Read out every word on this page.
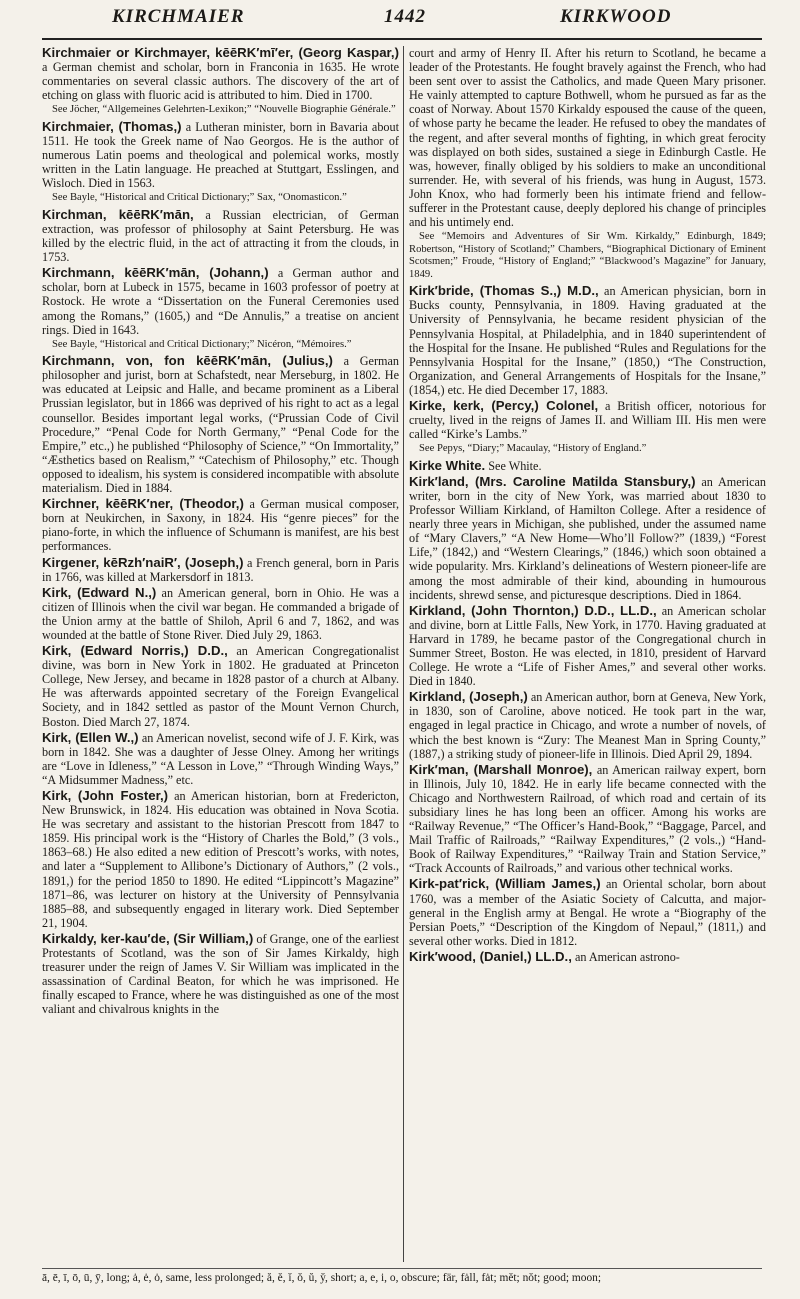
KIRCHMAIER	1442	KIRKWOOD

Kirchmaier or Kirchmayer, kēēRK′mī′er, (Georg Kaspar,) a German chemist and scholar, born in Franconia in 1635. He wrote commentaries on several classic authors. The discovery of the art of etching on glass with fluoric acid is attributed to him. Died in 1700.

See Jöcher, “Allgemeines Gelehrten-Lexikon;” “Nouvelle Biographie Générale.”

Kirchmaier, (Thomas,) a Lutheran minister, born in Bavaria about 1511. He took the Greek name of Nao Georgos. He is the author of numerous Latin poems and theological and polemical works, mostly written in the Latin language. He preached at Stuttgart, Esslingen, and Wisloch. Died in 1563.

See Bayle, “Historical and Critical Dictionary;” Sax, “Onomasticon.”

Kirchman, kēēRK′mān, a Russian electrician, of German extraction, was professor of philosophy at Saint Petersburg. He was killed by the electric fluid, in the act of attracting it from the clouds, in 1753.

Kirchmann, kēēRK′mān, (Johann,) a German author and scholar, born at Lubeck in 1575, became in 1603 professor of poetry at Rostock. He wrote a “Dissertation on the Funeral Ceremonies used among the Romans,” (1605,) and “De Annulis,” a treatise on ancient rings. Died in 1643.

See Bayle, “Historical and Critical Dictionary;” Nicéron, “Mémoires.”

Kirchmann, von, fon kēēRK′mān, (Julius,) a German philosopher and jurist, born at Schafstedt, near Merseburg, in 1802. He was educated at Leipsic and Halle, and became prominent as a Liberal Prussian legislator, but in 1866 was deprived of his right to act as a legal counsellor. Besides important legal works, (“Prussian Code of Civil Procedure,” “Penal Code for North Germany,” “Penal Code for the Empire,” etc.,) he published “Philosophy of Science,” “On Immortality,” “Æsthetics based on Realism,” “Catechism of Philosophy,” etc. Though opposed to idealism, his system is considered incompatible with absolute materialism. Died in 1884.

Kirchner, kēēRK′ner, (Theodor,) a German musical composer, born at Neukirchen, in Saxony, in 1824. His “genre pieces” for the piano-forte, in which the influence of Schumann is manifest, are his best performances.

Kirgener, kēRzh′naiR′, (Joseph,) a French general, born in Paris in 1766, was killed at Markersdorf in 1813.

Kirk, (Edward N.,) an American general, born in Ohio. He was a citizen of Illinois when the civil war began. He commanded a brigade of the Union army at the battle of Shiloh, April 6 and 7, 1862, and was wounded at the battle of Stone River. Died July 29, 1863.

Kirk, (Edward Norris,) D.D., an American Congregationalist divine, was born in New York in 1802. He graduated at Princeton College, New Jersey, and became in 1828 pastor of a church at Albany. He was afterwards appointed secretary of the Foreign Evangelical Society, and in 1842 settled as pastor of the Mount Vernon Church, Boston. Died March 27, 1874.

Kirk, (Ellen W.,) an American novelist, second wife of J. F. Kirk, was born in 1842. She was a daughter of Jesse Olney. Among her writings are “Love in Idleness,” “A Lesson in Love,” “Through Winding Ways,” “A Midsummer Madness,” etc.

Kirk, (John Foster,) an American historian, born at Fredericton, New Brunswick, in 1824. His education was obtained in Nova Scotia. He was secretary and assistant to the historian Prescott from 1847 to 1859. His principal work is the “History of Charles the Bold,” (3 vols., 1863–68.) He also edited a new edition of Prescott’s works, with notes, and later a “Supplement to Allibone’s Dictionary of Authors,” (2 vols., 1891,) for the period 1850 to 1890. He edited “Lippincott’s Magazine” 1871–86, was lecturer on history at the University of Pennsylvania 1885–88, and subsequently engaged in literary work. Died September 21, 1904.

Kirkaldy, ker-kau′de, (Sir William,) of Grange, one of the earliest Protestants of Scotland, was the son of Sir James Kirkaldy, high treasurer under the reign of James V. Sir William was implicated in the assassination of Cardinal Beaton, for which he was imprisoned. He finally escaped to France, where he was distinguished as one of the most valiant and chivalrous knights in the

court and army of Henry II. After his return to Scotland, he became a leader of the Protestants. He fought bravely against the French, who had been sent over to assist the Catholics, and made Queen Mary prisoner. He vainly attempted to capture Bothwell, whom he pursued as far as the coast of Norway. About 1570 Kirkaldy espoused the cause of the queen, of whose party he became the leader. He refused to obey the mandates of the regent, and after several months of fighting, in which great ferocity was displayed on both sides, sustained a siege in Edinburgh Castle. He was, however, finally obliged by his soldiers to make an unconditional surrender. He, with several of his friends, was hung in August, 1573. John Knox, who had formerly been his intimate friend and fellow-sufferer in the Protestant cause, deeply deplored his change of principles and his untimely end.

See “Memoirs and Adventures of Sir Wm. Kirkaldy,” Edinburgh, 1849; Robertson, “History of Scotland;” Chambers, “Biographical Dictionary of Eminent Scotsmen;” Froude, “History of England;” “Blackwood’s Magazine” for January, 1849.

Kirk′bride, (Thomas S.,) M.D., an American physician, born in Bucks county, Pennsylvania, in 1809. Having graduated at the University of Pennsylvania, he became resident physician of the Pennsylvania Hospital, at Philadelphia, and in 1840 superintendent of the Hospital for the Insane. He published “Rules and Regulations for the Pennsylvania Hospital for the Insane,” (1850,) “The Construction, Organization, and General Arrangements of Hospitals for the Insane,” (1854,) etc. He died December 17, 1883.

Kirke, kerk, (Percy,) Colonel, a British officer, notorious for cruelty, lived in the reigns of James II. and William III. His men were called “Kirke’s Lambs.”

See Pepys, “Diary;” Macaulay, “History of England.”

Kirke White. See White.

Kirk′land, (Mrs. Caroline Matilda Stansbury,) an American writer, born in the city of New York, was married about 1830 to Professor William Kirkland, of Hamilton College. After a residence of nearly three years in Michigan, she published, under the assumed name of “Mary Clavers,” “A New Home—Who’ll Follow?” (1839,) “Forest Life,” (1842,) and “Western Clearings,” (1846,) which soon obtained a wide popularity. Mrs. Kirkland’s delineations of Western pioneer-life are among the most admirable of their kind, abounding in humourous incidents, shrewd sense, and picturesque descriptions. Died in 1864.

Kirkland, (John Thornton,) D.D., LL.D., an American scholar and divine, born at Little Falls, New York, in 1770. Having graduated at Harvard in 1789, he became pastor of the Congregational church in Summer Street, Boston. He was elected, in 1810, president of Harvard College. He wrote a “Life of Fisher Ames,” and several other works. Died in 1840.

Kirkland, (Joseph,) an American author, born at Geneva, New York, in 1830, son of Caroline, above noticed. He took part in the war, engaged in legal practice in Chicago, and wrote a number of novels, of which the best known is “Zury: The Meanest Man in Spring County,” (1887,) a striking study of pioneer-life in Illinois. Died April 29, 1894.

Kirk′man, (Marshall Monroe), an American railway expert, born in Illinois, July 10, 1842. He in early life became connected with the Chicago and Northwestern Railroad, of which road and certain of its subsidiary lines he has long been an officer. Among his works are “Railway Revenue,” “The Officer’s Hand-Book,” “Baggage, Parcel, and Mail Traffic of Railroads,” “Railway Expenditures,” (2 vols.,) “Hand-Book of Railway Expenditures,” “Railway Train and Station Service,” “Track Accounts of Railroads,” and various other technical works.

Kirk-pat′rick, (William James,) an Oriental scholar, born about 1760, was a member of the Asiatic Society of Calcutta, and major-general in the English army at Bengal. He wrote a “Biography of the Persian Poets,” “Description of the Kingdom of Nepaul,” (1811,) and several other works. Died in 1812.

Kirk′wood, (Daniel,) LL.D., an American astrono-

ā, ē, ī, ō, ū, ȳ, long; ȧ, ė, ȯ, same, less prolonged; ă, ĕ, ĭ, ŏ, ŭ, y̆, short; a, e, i, o, obscure; fär, fȧll, fȧt; mĕt; nŏt; good; moon;
